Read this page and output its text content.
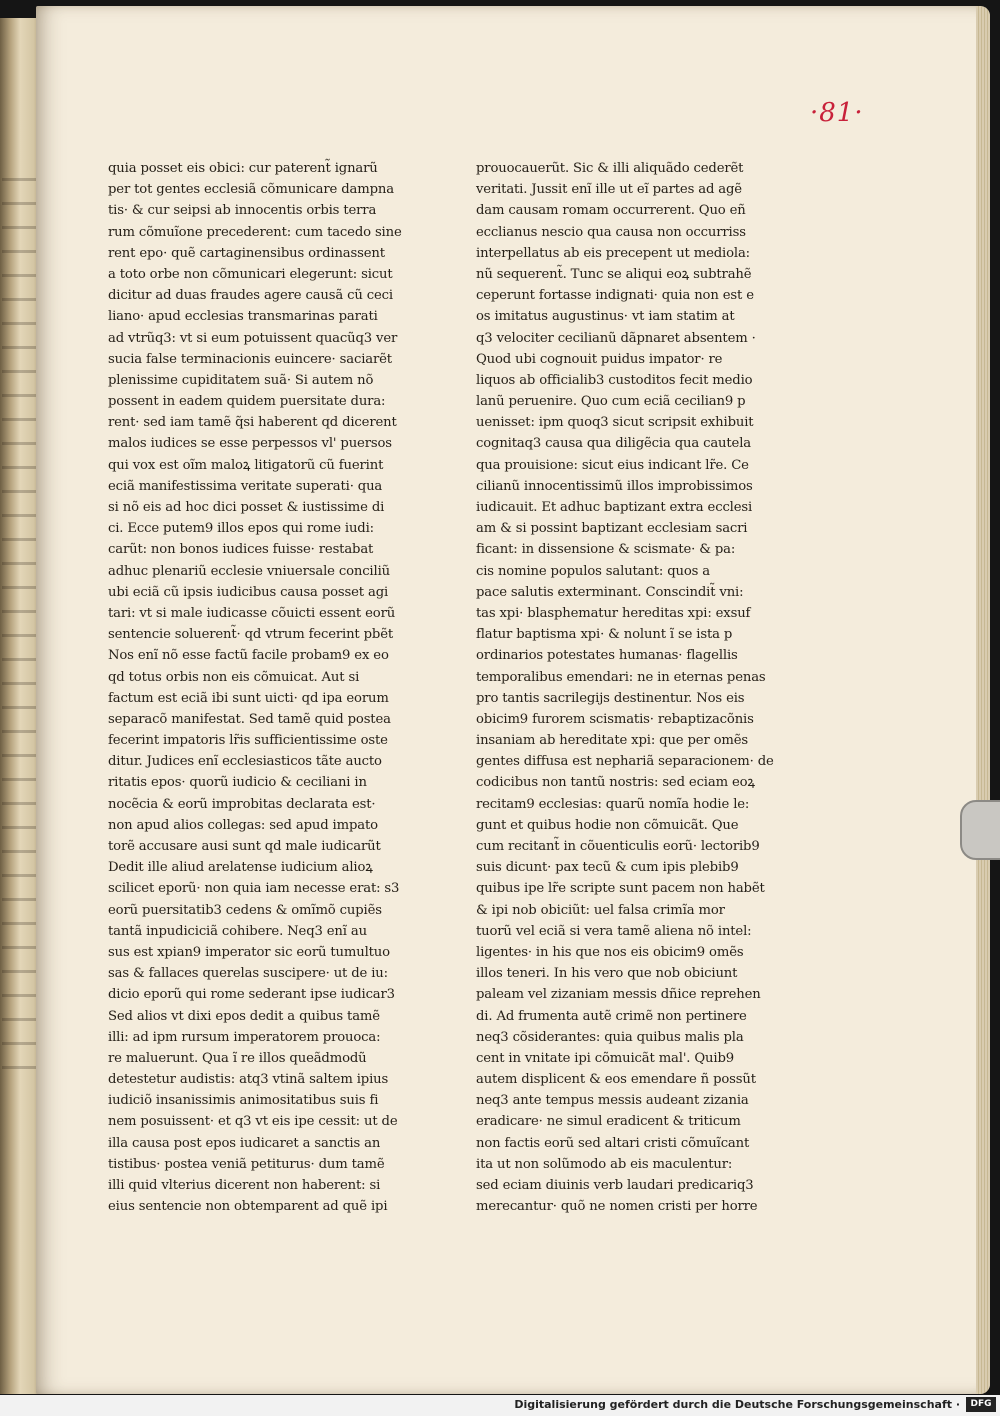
·81·
quia posset eis obici: cur paterent̃ ignarũ
per tot gentes ecclesiã cõmunicare dampna
tis· & cur seipsi ab innocentis orbis terra
rum cõmuĩone precederent: cum tacedo sine
rent epo· quẽ cartaginensibus ordinassent
a toto orbe non cõmunicari elegerunt: sicut
dicitur ad duas fraudes agere causã cũ ceci
liano· apud ecclesias transmarinas parati
ad vtrũq3: vt si eum potuissent quacũq3 ver
sucia false terminacionis euincere· saciarẽt
plenissime cupiditatem suã· Si autem nõ
possent in eadem quidem puersitate dura:
rent· sed iam tamẽ q̃si haberent qd dicerent
malos iudices se esse perpessos vl' puersos
qui vox est oĩm maloꝝ litigatorũ cũ fuerint
eciã manifestissima veritate superati· qua
si nõ eis ad hoc dici posset & iustissime di
ci. Ecce putem9 illos epos qui rome iudi:
carũt: non bonos iudices fuisse· restabat
adhuc plenariũ ecclesie vniuersale conciliũ
ubi eciã cũ ipsis iudicibus causa posset agi
tari: vt si male iudicasse cõuicti essent eorũ
sentencie soluerent̃· qd vtrum fecerint pbẽt
Nos enĩ nõ esse factũ facile probam9 ex eo
qd totus orbis non eis cõmuicat. Aut si
factum est eciã ibi sunt uicti· qd ipa eorum
separacõ manifestat. Sed tamẽ quid postea
fecerint impatoris lr̃is sufficientissime oste
ditur. Judices enĩ ecclesiasticos tãte aucto
ritatis epos· quorũ iudicio & ceciliani in
nocẽcia & eorũ improbitas declarata est·
non apud alios collegas: sed apud impato
torẽ accusare ausi sunt qd male iudicarũt
Dedit ille aliud arelatense iudicium alioꝝ
scilicet eporũ· non quia iam necesse erat: s3
eorũ puersitatib3 cedens & omĩmõ cupiẽs
tantã inpudiciciã cohibere. Neq3 enĩ au
sus est xpian9 imperator sic eorũ tumultuo
sas & fallaces querelas suscipere· ut de iu:
dicio eporũ qui rome sederant ipse iudicar3
Sed alios vt dixi epos dedit a quibus tamẽ
illi: ad ipm rursum imperatorem prouoca:
re maluerunt. Qua ĩ re illos queãdmodũ
detestetur audistis: atq3 vtinã saltem ipius
iudiciõ insanissimis animositatibus suis fi
nem posuissent· et q3 vt eis ipe cessit: ut de
illa causa post epos iudicaret a sanctis an
tistibus· postea veniã petiturus· dum tamẽ
illi quid vlterius dicerent non haberent: si
eius sentencie non obtemparent ad quẽ ipi
prouocauerũt. Sic & illi aliquãdo cederẽt
veritati. Jussit enĩ ille ut eĩ partes ad agẽ
dam causam romam occurrerent. Quo eñ
ecclianus nescio qua causa non occurriss
interpellatus ab eis precepent ut mediola:
nũ sequerent̃. Tunc se aliqui eoꝝ subtrahẽ
ceperunt fortasse indignati· quia non est e
os imitatus augustinus· vt iam statim at
q3 velociter cecilianũ dãpnaret absentem ·
Quod ubi cognouit puidus impator· re
liquos ab officialib3 custoditos fecit medio
lanũ peruenire. Quo cum eciã cecilian9 p
uenisset: ipm quoq3 sicut scripsit exhibuit
cognitaq3 causa qua diligẽcia qua cautela
qua prouisione: sicut eius indicant lr̃e. Ce
cilianũ innocentissimũ illos improbissimos
iudicauit. Et adhuc baptizant extra ecclesi
am & si possint baptizant ecclesiam sacri
ficant: in dissensione & scismate· & pa:
cis nomine populos salutant: quos a
pace salutis exterminant. Conscindit̃ vni:
tas xpi· blasphematur hereditas xpi: exsuf
flatur baptisma xpi· & nolunt ĩ se ista p
ordinarios potestates humanas· flagellis
temporalibus emendari: ne in eternas penas
pro tantis sacrilegijs destinentur. Nos eis
obicim9 furorem scismatis· rebaptizacõnis
insaniam ab hereditate xpi: que per omẽs
gentes diffusa est nephariã separacionem· de
codicibus non tantũ nostris: sed eciam eoꝝ
recitam9 ecclesias: quarũ nomĩa hodie le:
gunt et quibus hodie non cõmuicãt. Que
cum recitant̃ in cõuenticulis eorũ· lectorib9
suis dicunt· pax tecũ & cum ipis plebib9
quibus ipe lr̃e scripte sunt pacem non habẽt
& ipi nob obiciũt: uel falsa crimĩa mor
tuorũ vel eciã si vera tamẽ aliena nõ intel:
ligentes· in his que nos eis obicim9 omẽs
illos teneri. In his vero que nob obiciunt
paleam vel zizaniam messis dñice reprehen
di. Ad frumenta autẽ crimẽ non pertinere
neq3 cõsiderantes: quia quibus malis pla
cent in vnitate ipi cõmuicãt mal'. Quib9
autem displicent & eos emendare ñ possũt
neq3 ante tempus messis audeant zizania
eradicare· ne simul eradicent & triticum
non factis eorũ sed altari cristi cõmuĩcant
ita ut non solũmodo ab eis maculentur:
sed eciam diuinis verb laudari predicariq3
merecantur· quõ ne nomen cristi per horre
Digitalisierung gefördert durch die Deutsche Forschungsgemeinschaft ·	DFG
